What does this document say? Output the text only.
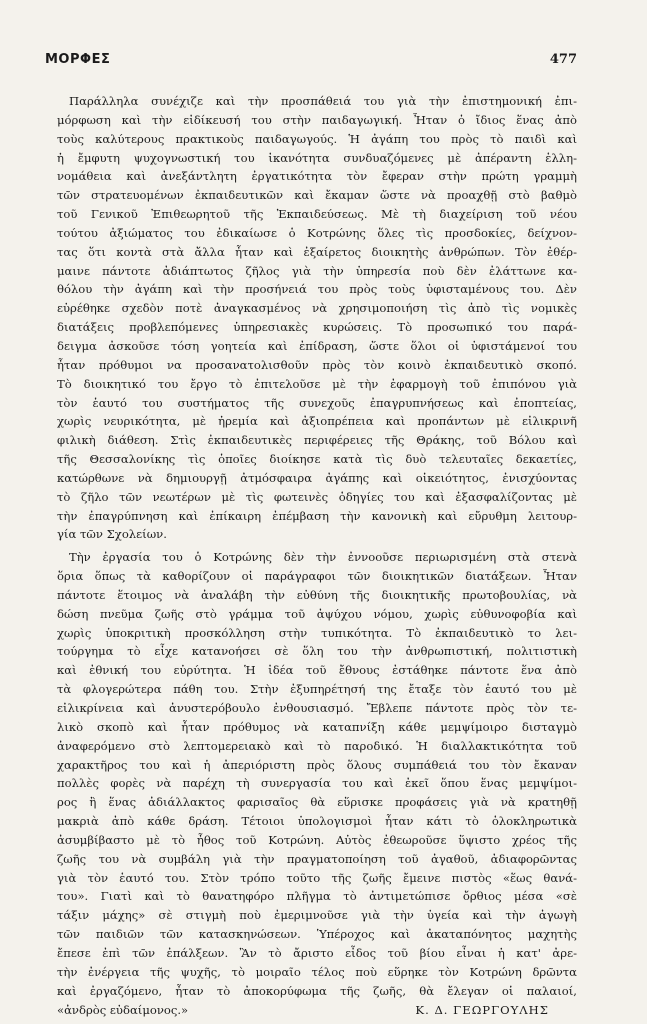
ΜΟΡΦΕΣ	477
Παράλληλα συνέχιζε καὶ τὴν προσπάθειά του γιὰ τὴν ἐπιστημονική ἐπι-
μόρφωση καὶ τὴν εἰδίκευσή του στὴν παιδαγωγική. Ἦταν ὁ ἴδιος ἕνας ἀπὸ
τοὺς καλύτερους πρακτικοὺς παιδαγωγούς. Ἡ ἀγάπη του πρὸς τὸ παιδὶ καὶ
ἡ ἔμφυτη ψυχογνωστική του ἱκανότητα συνδυαζόμενες μὲ ἀπέραντη ἑλλη-
νομάθεια καὶ ἀνεξάντλητη ἐργατικότητα τὸν ἔφεραν στὴν πρώτη γραμμὴ
τῶν στρατευομένων ἐκπαιδευτικῶν καὶ ἔκαμαν ὥστε νὰ προαχθῇ στὸ βαθμὸ
τοῦ Γενικοῦ Ἐπιθεωρητοῦ τῆς Ἐκπαιδεύσεως. Μὲ τὴ διαχείριση τοῦ νέου
τούτου ἀξιώματος του ἐδικαίωσε ὁ Κοτρώνης ὅλες τὶς προσδοκίες, δείχνον-
τας ὅτι κοντὰ στὰ ἄλλα ἦταν καὶ ἐξαίρετος διοικητὴς ἀνθρώπων. Τὸν ἐθέρ-
μαινε πάντοτε ἀδιάπτωτος ζῆλος γιὰ τὴν ὑπηρεσία ποὺ δὲν ἐλάττωνε κα-
θόλου τὴν ἀγάπη καὶ τὴν προσήνειά του πρὸς τοὺς ὑφισταμένους του. Δὲν
εὑρέθηκε σχεδὸν ποτὲ ἀναγκασμένος νὰ χρησιμοποιήση τὶς ἀπὸ τὶς νομικὲς
διατάξεις προβλεπόμενες ὑπηρεσιακὲς κυρώσεις. Τὸ προσωπικό του παρά-
δειγμα ἀσκοῦσε τόση γοητεία καὶ ἐπίδραση, ὥστε ὅλοι οἱ ὑφιστάμενοί του
ἦταν πρόθυμοι να προσανατολισθοῦν πρὸς τὸν κοινὸ ἐκπαιδευτικὸ σκοπό.
Τὸ διοικητικό του ἔργο τὸ ἐπιτελοῦσε μὲ τὴν ἐφαρμογὴ τοῦ ἐπιπόνου γιὰ
τὸν ἑαυτό του συστήματος τῆς συνεχοῦς ἐπαγρυπνήσεως καὶ ἐποπτείας,
χωρὶς νευρικότητα, μὲ ἠρεμία καὶ ἀξιοπρέπεια καὶ προπάντων μὲ εἰλικρινῆ
φιλικὴ διάθεση. Στὶς ἐκπαιδευτικὲς περιφέρειες τῆς Θράκης, τοῦ Βόλου καὶ
τῆς Θεσσαλονίκης τὶς ὁποῖες διοίκησε κατὰ τὶς δυὸ τελευταῖες δεκαετίες,
κατώρθωνε νὰ δημιουργῇ ἀτμόσφαιρα ἀγάπης καὶ οἰκειότητος, ἐνισχύοντας
τὸ ζῆλο τῶν νεωτέρων μὲ τὶς φωτεινὲς ὁδηγίες του καὶ ἐξασφαλίζοντας μὲ
τὴν ἐπαγρύπνηση καὶ ἐπίκαιρη ἐπέμβαση τὴν κανονικὴ καὶ εὔρυθμη λειτουρ-
γία τῶν Σχολείων.
Τὴν ἐργασία του ὁ Κοτρώνης δὲν τὴν ἐννοοῦσε περιωρισμένη στὰ στενὰ
ὅρια ὅπως τὰ καθορίζουν οἱ παράγραφοι τῶν διοικητικῶν διατάξεων. Ἦταν
πάντοτε ἕτοιμος νὰ ἀναλάβη τὴν εὐθύνη τῆς διοικητικῆς πρωτοβουλίας, νὰ
δώση πνεῦμα ζωῆς στὸ γράμμα τοῦ ἀψύχου νόμου, χωρὶς εὐθυνοφοβία καὶ
χωρὶς ὑποκριτικὴ προσκόλληση στὴν τυπικότητα. Τὸ ἐκπαιδευτικὸ το λει-
τούργημα τὸ εἶχε κατανοήσει σὲ ὅλη του τὴν ἀνθρωπιστική, πολιτιστικὴ
καὶ ἐθνική του εὐρύτητα. Ἡ ἰδέα τοῦ ἔθνους ἐστάθηκε πάντοτε ἕνα ἀπὸ
τὰ φλογερώτερα πάθη του. Στὴν ἐξυπηρέτησή της ἔταξε τὸν ἑαυτό του μὲ
εἰλικρίνεια καὶ ἀνυστερόβουλο ἐνθουσιασμό. Ἔβλεπε πάντοτε πρὸς τὸν τε-
λικὸ σκοπὸ καὶ ἦταν πρόθυμος νὰ καταπνίξη κάθε μεμψίμοιρο δισταγμὸ
ἀναφερόμενο στὸ λεπτομερειακὸ καὶ τὸ παροδικό. Ἡ διαλλακτικότητα τοῦ
χαρακτῆρος του καὶ ἡ ἀπεριόριστη πρὸς ὅλους συμπάθειά του τὸν ἔκαναν
πολλὲς φορὲς νὰ παρέχη τὴ συνεργασία του καὶ ἐκεῖ ὅπου ἕνας μεμψίμοι-
ρος ἢ ἕνας ἀδιάλλακτος φαρισαῖος θὰ εὕρισκε προφάσεις γιὰ νὰ κρατηθῇ
μακριὰ ἀπὸ κάθε δράση. Τέτοιοι ὑπολογισμοὶ ἦταν κάτι τὸ ὁλοκληρωτικὰ
ἀσυμβίβαστο μὲ τὸ ἦθος τοῦ Κοτρώνη. Αὐτὸς ἐθεωροῦσε ὕψιστο χρέος τῆς
ζωῆς του νὰ συμβάλη γιὰ τὴν πραγματοποίηση τοῦ ἀγαθοῦ, ἀδιαφορῶντας
γιὰ τὸν ἑαυτό του. Στὸν τρόπο τοῦτο τῆς ζωῆς ἔμεινε πιστὸς «ἕως θανά-
του». Γιατὶ καὶ τὸ θανατηφόρο πλῆγμα τὸ ἀντιμετώπισε ὄρθιος μέσα «σὲ
τάξιν μάχης» σὲ στιγμὴ ποὺ ἐμεριμνοῦσε γιὰ τὴν ὑγεία καὶ τὴν ἀγωγὴ
τῶν παιδιῶν τῶν κατασκηνώσεων. Ὑπέροχος καὶ ἀκαταπόνητος μαχητὴς
ἔπεσε ἐπὶ τῶν ἐπάλξεων. Ἂν τὸ ἄριστο εἶδος τοῦ βίου εἶναι ἡ κατ' ἀρε-
τὴν ἐνέργεια τῆς ψυχῆς, τὸ μοιραῖο τέλος ποὺ εὕρηκε τὸν Κοτρώνη δρῶντα
καὶ ἐργαζόμενο, ἦταν τὸ ἀποκορύφωμα τῆς ζωῆς, θὰ ἔλεγαν οἱ παλαιοί,
«ἀνδρὸς εὐδαίμονος.»	Κ. Δ. ΓΕΩΡΓΟΥΛΗΣ
